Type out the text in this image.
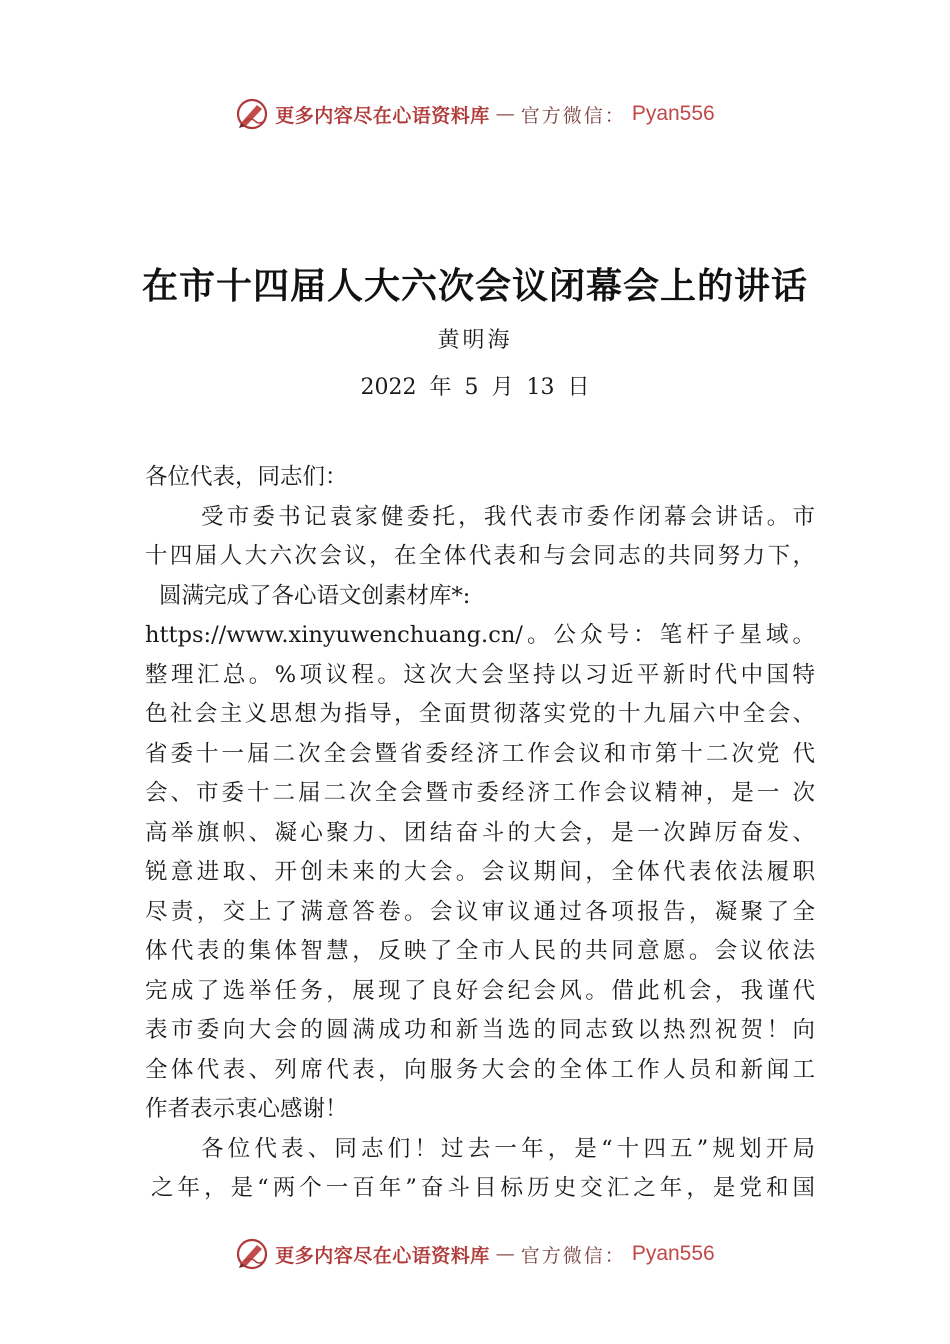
更多内容尽在心语资料库 — 官方微信： Pyan556
在市十四届人大六次会议闭幕会上的讲话
黄明海
2022 年 5 月 13 日
各位代表，同志们：
受市委书记袁家健委托，我代表市委作闭幕会讲话。市
十四届人大六次会议，在全体代表和与会同志的共同努力下，
圆满完成了各心语文创素材库*:
https://www.xinyuwenchuang.cn/。公众号：笔杆子星域。
整理汇总。%项议程。这次大会坚持以习近平新时代中国特
色社会主义思想为指导，全面贯彻落实党的十九届六中全会、
省委十一届二次全会暨省委经济工作会议和市第十二次党 代
会、市委十二届二次全会暨市委经济工作会议精神，是一 次
高举旗帜、凝心聚力、团结奋斗的大会，是一次踔厉奋发、
锐意进取、开创未来的大会。会议期间，全体代表依法履职
尽责，交上了满意答卷。会议审议通过各项报告，凝聚了全
体代表的集体智慧，反映了全市人民的共同意愿。会议依法
完成了选举任务，展现了良好会纪会风。借此机会，我谨代
表市委向大会的圆满成功和新当选的同志致以热烈祝贺！向
全体代表、列席代表，向服务大会的全体工作人员和新闻工
作者表示衷心感谢！
各位代表、同志们！过去一年，是“十四五”规划开局
之年，是“两个一百年”奋斗目标历史交汇之年，是党和国
更多内容尽在心语资料库 — 官方微信： Pyan556
